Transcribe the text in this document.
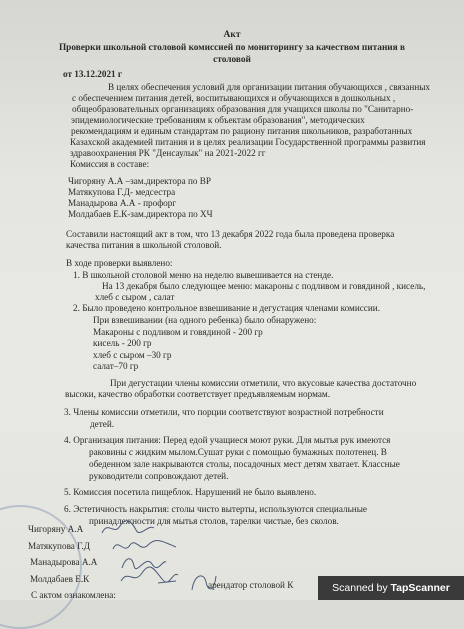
Акт
Проверки школьной столовой комиссией по мониторингу за качеством питания в
столовой
от 13.12.2021 г
В целях обеспечения условий для организации питания обучающихся , связанных
с обеспечением питания детей, воспитывающихся и обучающихся в дошкольных ,
общеобразовательных организациях образования для учащихся школы по "Санитарно-
эпидемиологические требованиям к объектам образования", методических
рекомендациям и единым стандартам по рациону питания школьников, разработанных
Казахской академией питания и в целях реализации Государственной программы развития
здравоохранения РК "Денсаулык" на 2021-2022 гг
Комиссия в составе:
Чигоряну А.А –зам.директора по ВР
Матякупова Г.Д- медсестра
Манадырова А.А - профорг
Молдабаев Е.К-зам.директора по ХЧ
Составили настоящий акт в том, что 13 декабря 2022 года была проведена проверка
качества питания в школьной столовой.
В ходе проверки выявлено:
1. В школьной столовой меню на неделю вывешивается на стенде.
На 13 декабря было следующее меню: макароны с подливом и говядиной , кисель,
хлеб с сыром , салат
2. Было проведено контрольное взвешивание и дегустация членами комиссии.
При взвешивании (на одного ребенка) было обнаружено:
Макароны с подливом и говядиной - 200 гр
кисель - 200 гр
хлеб с сыром –30 гр
салат–70 гр
При дегустации члены комиссии отметили, что вкусовые качества достаточно
высоки, качество обработки соответствует предъявляемым нормам.
3. Члены комиссии отметили, что порции соответствуют возрастной потребности
детей.
4. Организация питания: Перед едой учащиеся моют руки. Для мытья рук имеются
раковины с жидким мылом.Сушат руки с помощью бумажных полотенец. В
обеденном зале накрываются столы, посадочных мест детям хватает. Классные
руководители сопровождают детей.
5. Комиссия посетила пищеблок. Нарушений не было выявлено.
6. Эстетичность накрытия: столы чисто вытерты, используются специальные
принадлежности для мытья столов, тарелки чистые, без сколов.
Чигоряну А.А
Матякупова Г.Д
Манадырова А.А
Молдабаев Е.К
С актом ознакомлена:
арендатор столовой К	Scanned by
TapScanner
